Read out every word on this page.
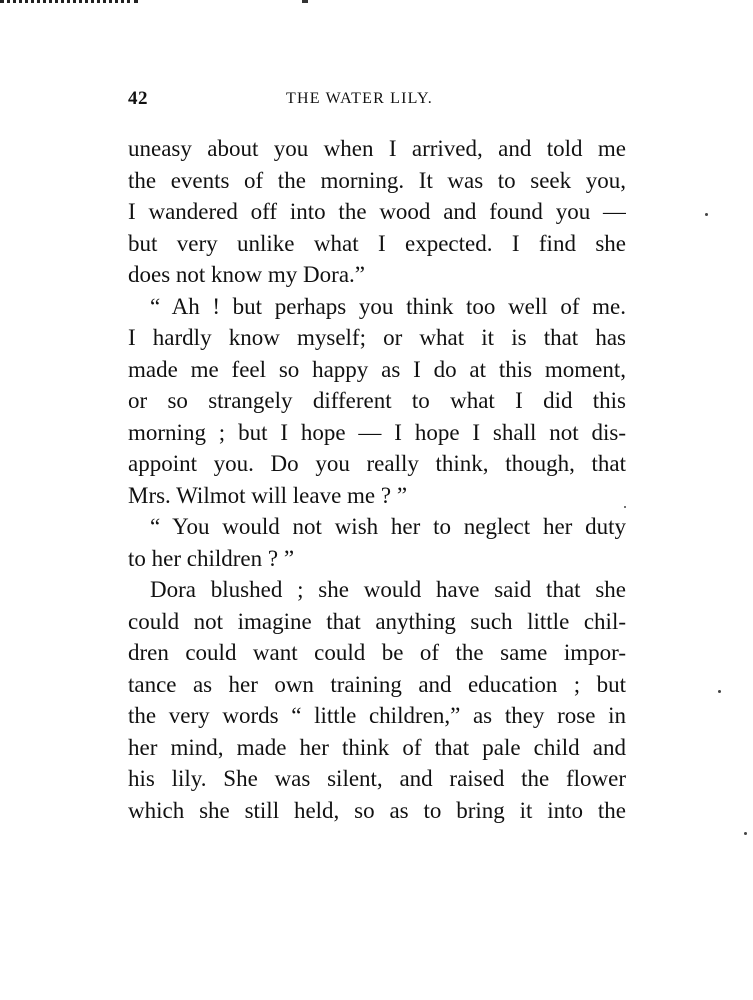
42	THE WATER LILY.
uneasy about you when I arrived, and told me
the events of the morning. It was to seek you,
I wandered off into the wood and found you —
but very unlike what I expected. I find she
does not know my Dora.”
“ Ah ! but perhaps you think too well of me.
I hardly know myself; or what it is that has
made me feel so happy as I do at this moment,
or so strangely different to what I did this
morning ; but I hope — I hope I shall not dis-
appoint you. Do you really think, though, that
Mrs. Wilmot will leave me ? ”
“ You would not wish her to neglect her duty
to her children ? ”
Dora blushed ; she would have said that she
could not imagine that anything such little chil-
dren could want could be of the same impor-
tance as her own training and education ; but
the very words “ little children,” as they rose in
her mind, made her think of that pale child and
his lily. She was silent, and raised the flower
which she still held, so as to bring it into the
